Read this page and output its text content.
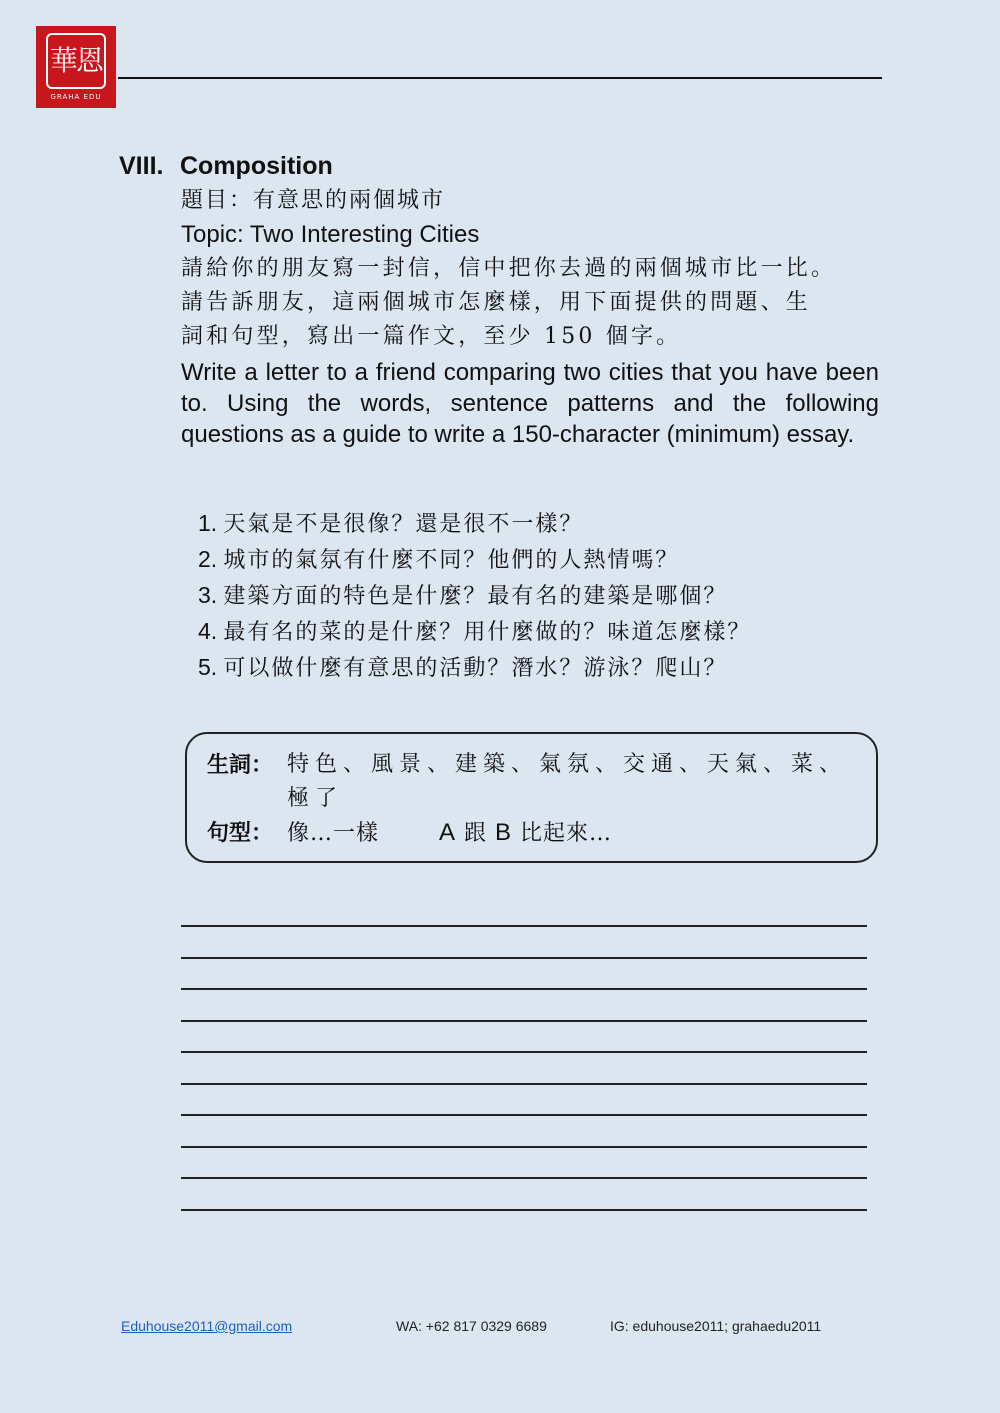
華恩
GRAHA EDU
VIII. Composition
題目：有意思的兩個城市
Topic: Two Interesting Cities
請給你的朋友寫一封信，信中把你去過的兩個城市比一比。
請告訴朋友，這兩個城市怎麼樣，用下面提供的問題、生
詞和句型，寫出一篇作文，至少 150 個字。
Write a letter to a friend comparing two cities that you have been to. Using the words, sentence patterns and the following questions as a guide to write a 150-character (minimum) essay.
1. 天氣是不是很像？還是很不一樣？
2. 城市的氣氛有什麼不同？他們的人熱情嗎？
3. 建築方面的特色是什麼？最有名的建築是哪個？
4. 最有名的菜的是什麼？用什麼做的？味道怎麼樣？
5. 可以做什麼有意思的活動？潛水？游泳？爬山？
生詞： 特色、風景、建築、氣氛、交通、天氣、菜、極了
句型： 像…一樣	A 跟 B 比起來…
Eduhouse2011@gmail.com	WA: +62 817 0329 6689	IG: eduhouse2011; grahaedu2011
